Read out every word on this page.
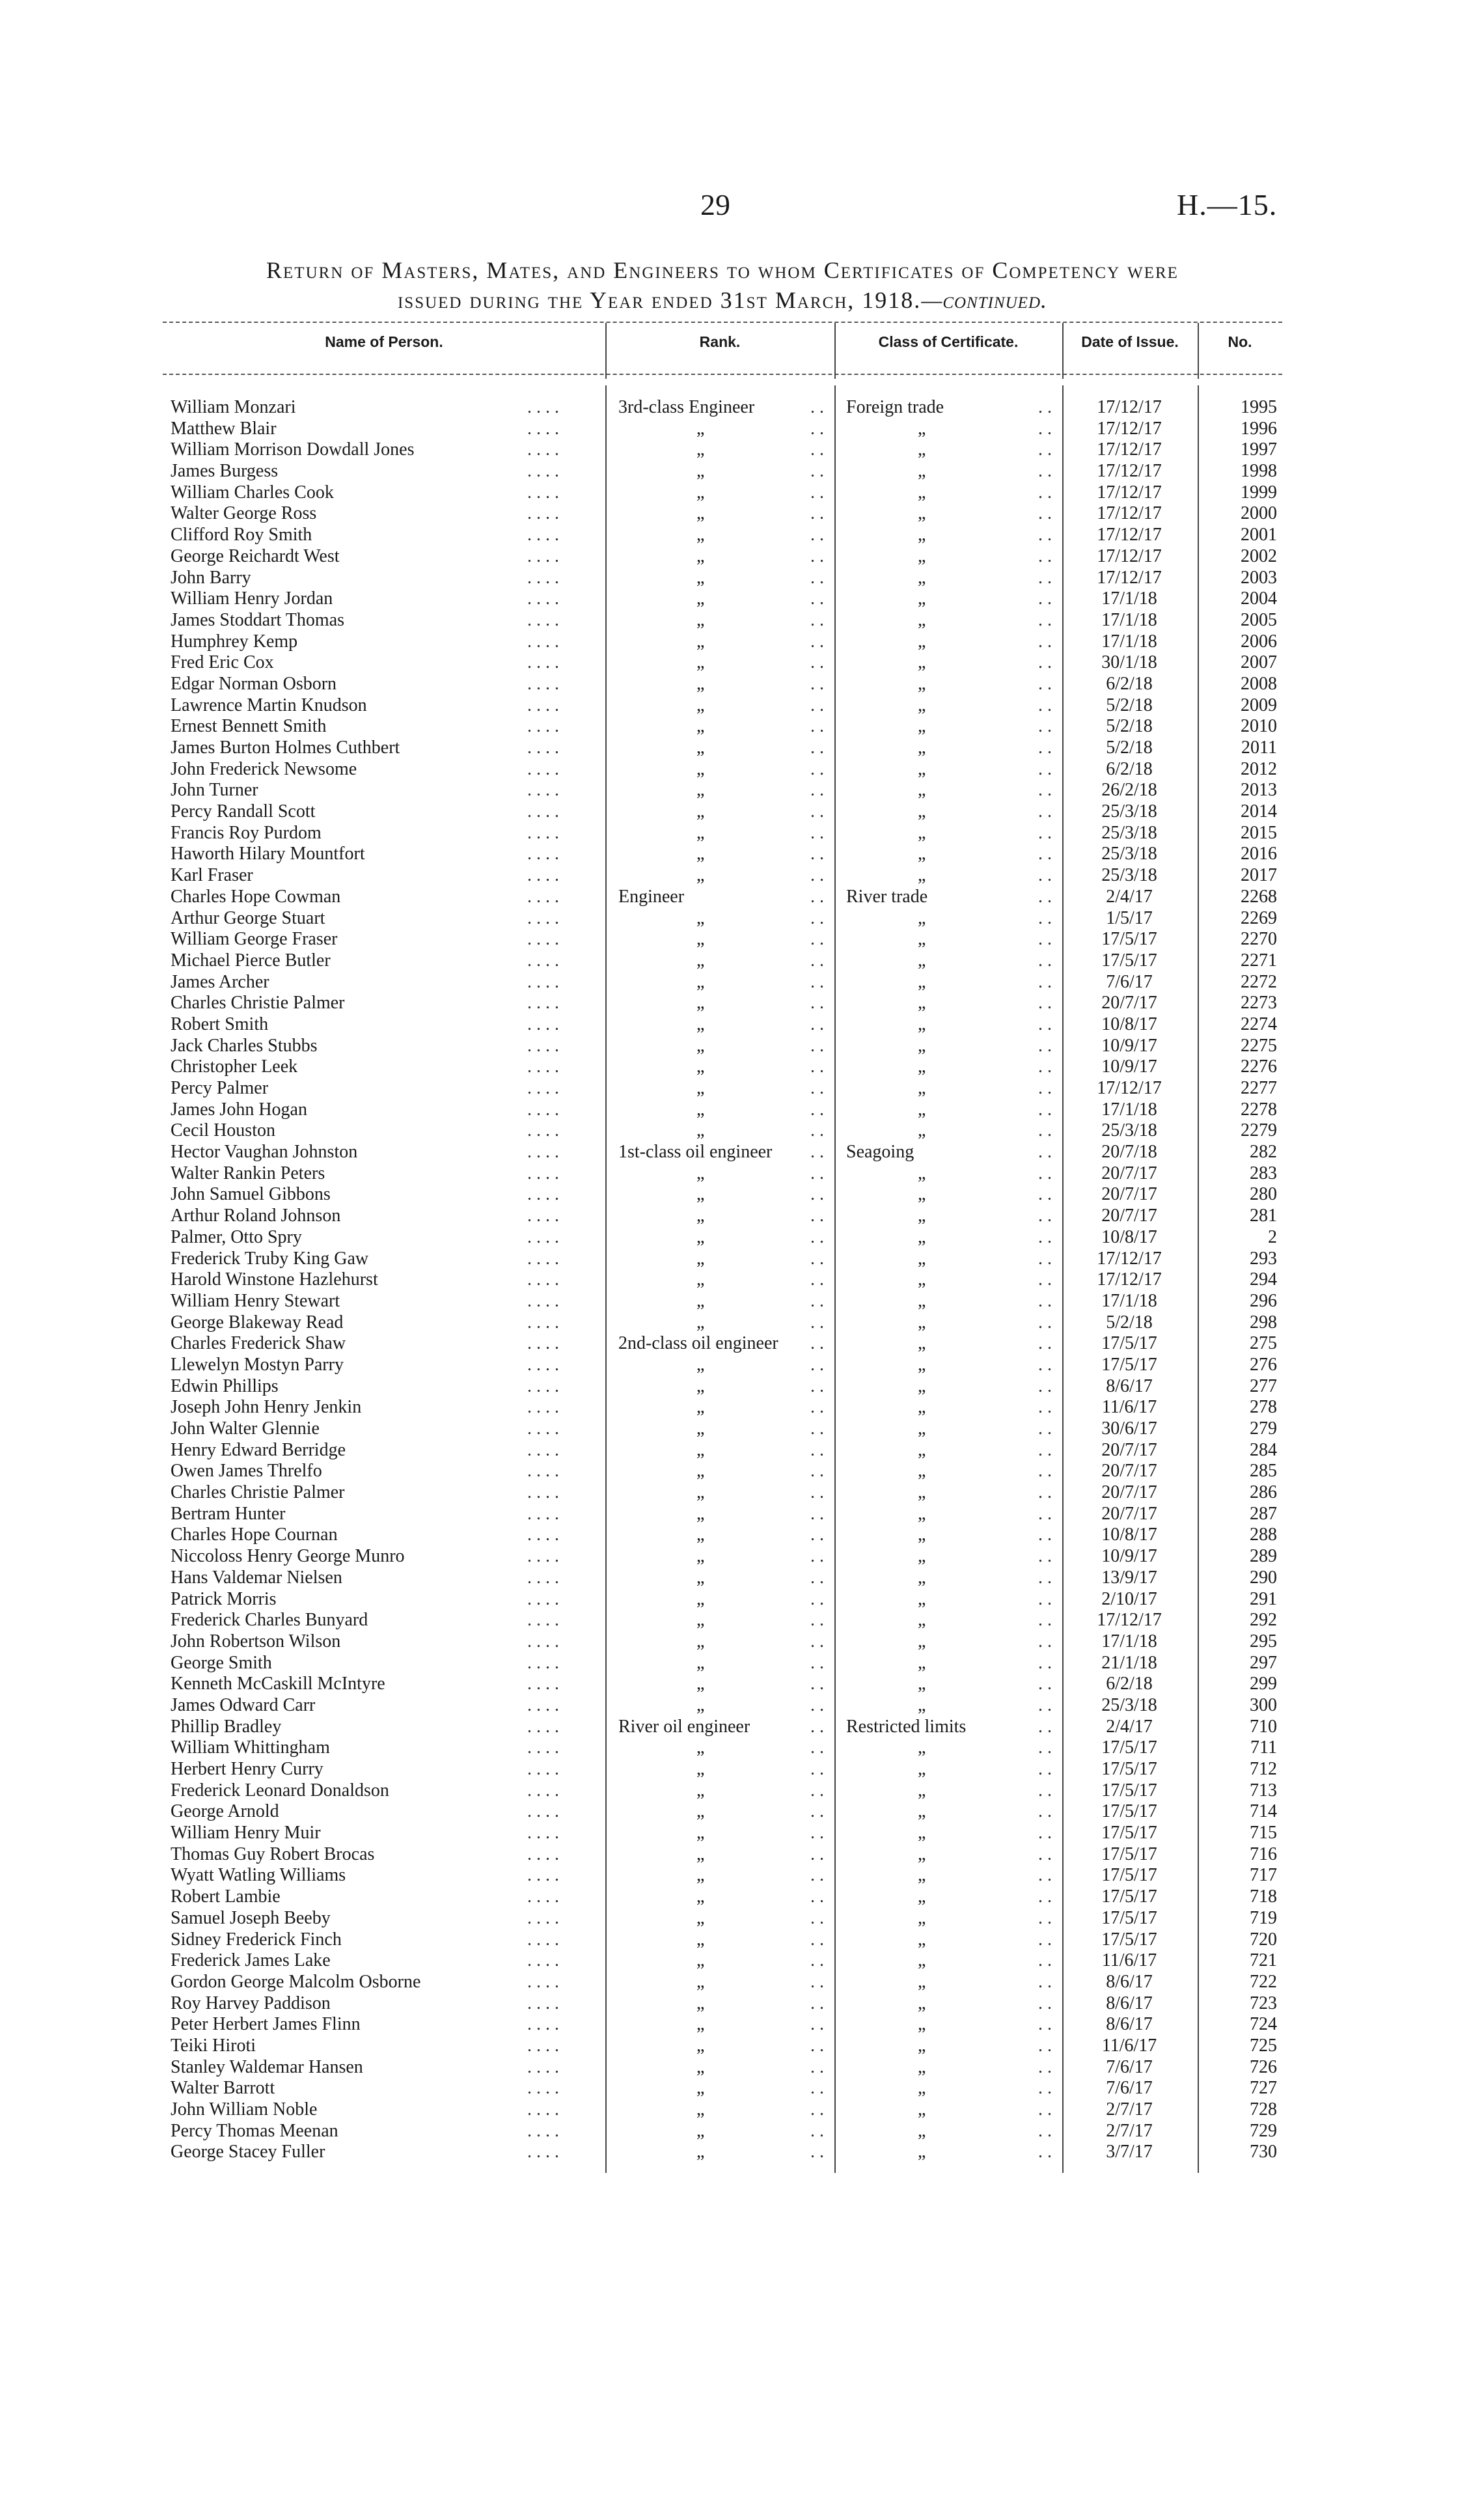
29	H.—15.
Return of Masters, Mates, and Engineers to whom Certificates of Competency were
issued during the Year ended 31st March, 1918.—continued.
Name of Person.	Rank.	Class of Certificate.	Date of Issue.	No.
William Monzari	3rd-class Engineer	Foreign trade	17/12/17	1995
. . . .	. .	. .
Matthew Blair	„	„	17/12/17	1996
. . . .	. .	. .
William Morrison Dowdall Jones	„	„	17/12/17	1997
. . . .	. .	. .
James Burgess	„	„	17/12/17	1998
. . . .	. .	. .
William Charles Cook	„	„	17/12/17	1999
. . . .	. .	. .
Walter George Ross	„	„	17/12/17	2000
. . . .	. .	. .
Clifford Roy Smith	„	„	17/12/17	2001
. . . .	. .	. .
George Reichardt West	„	„	17/12/17	2002
. . . .	. .	. .
John Barry	„	„	17/12/17	2003
. . . .	. .	. .
William Henry Jordan	„	„	17/1/18	2004
. . . .	. .	. .
James Stoddart Thomas	„	„	17/1/18	2005
. . . .	. .	. .
Humphrey Kemp	„	„	17/1/18	2006
. . . .	. .	. .
Fred Eric Cox	„	„	30/1/18	2007
. . . .	. .	. .
Edgar Norman Osborn	„	„	6/2/18	2008
. . . .	. .	. .
Lawrence Martin Knudson	„	„	5/2/18	2009
. . . .	. .	. .
Ernest Bennett Smith	„	„	5/2/18	2010
. . . .	. .	. .
James Burton Holmes Cuthbert	„	„	5/2/18	2011
. . . .	. .	. .
John Frederick Newsome	„	„	6/2/18	2012
. . . .	. .	. .
John Turner	„	„	26/2/18	2013
. . . .	. .	. .
Percy Randall Scott	„	„	25/3/18	2014
. . . .	. .	. .
Francis Roy Purdom	„	„	25/3/18	2015
. . . .	. .	. .
Haworth Hilary Mountfort	„	„	25/3/18	2016
. . . .	. .	. .
Karl Fraser	„	„	25/3/18	2017
. . . .	. .	. .
Charles Hope Cowman	Engineer	River trade	2/4/17	2268
. . . .	. .	. .
Arthur George Stuart	„	„	1/5/17	2269
. . . .	. .	. .
William George Fraser	„	„	17/5/17	2270
. . . .	. .	. .
Michael Pierce Butler	„	„	17/5/17	2271
. . . .	. .	. .
James Archer	„	„	7/6/17	2272
. . . .	. .	. .
Charles Christie Palmer	„	„	20/7/17	2273
. . . .	. .	. .
Robert Smith	„	„	10/8/17	2274
. . . .	. .	. .
Jack Charles Stubbs	„	„	10/9/17	2275
. . . .	. .	. .
Christopher Leek	„	„	10/9/17	2276
. . . .	. .	. .
Percy Palmer	„	„	17/12/17	2277
. . . .	. .	. .
James John Hogan	„	„	17/1/18	2278
. . . .	. .	. .
Cecil Houston	„	„	25/3/18	2279
. . . .	. .	. .
Hector Vaughan Johnston	1st-class oil engineer	Seagoing	20/7/18	282
. . . .	. .	. .
Walter Rankin Peters	„	„	20/7/17	283
. . . .	. .	. .
John Samuel Gibbons	„	„	20/7/17	280
. . . .	. .	. .
Arthur Roland Johnson	„	„	20/7/17	281
. . . .	. .	. .
Palmer, Otto Spry	„	„	10/8/17	2
. . . .	. .	. .
Frederick Truby King Gaw	„	„	17/12/17	293
. . . .	. .	. .
Harold Winstone Hazlehurst	„	„	17/12/17	294
. . . .	. .	. .
William Henry Stewart	„	„	17/1/18	296
. . . .	. .	. .
George Blakeway Read	„	„	5/2/18	298
. . . .	. .	. .
Charles Frederick Shaw	2nd-class oil engineer	„	17/5/17	275
. . . .	. .	. .
Llewelyn Mostyn Parry	„	„	17/5/17	276
. . . .	. .	. .
Edwin Phillips	„	„	8/6/17	277
. . . .	. .	. .
Joseph John Henry Jenkin	„	„	11/6/17	278
. . . .	. .	. .
John Walter Glennie	„	„	30/6/17	279
. . . .	. .	. .
Henry Edward Berridge	„	„	20/7/17	284
. . . .	. .	. .
Owen James Threlfo	„	„	20/7/17	285
. . . .	. .	. .
Charles Christie Palmer	„	„	20/7/17	286
. . . .	. .	. .
Bertram Hunter	„	„	20/7/17	287
. . . .	. .	. .
Charles Hope Cournan	„	„	10/8/17	288
. . . .	. .	. .
Niccoloss Henry George Munro	„	„	10/9/17	289
. . . .	. .	. .
Hans Valdemar Nielsen	„	„	13/9/17	290
. . . .	. .	. .
Patrick Morris	„	„	2/10/17	291
. . . .	. .	. .
Frederick Charles Bunyard	„	„	17/12/17	292
. . . .	. .	. .
John Robertson Wilson	„	„	17/1/18	295
. . . .	. .	. .
George Smith	„	„	21/1/18	297
. . . .	. .	. .
Kenneth McCaskill McIntyre	„	„	6/2/18	299
. . . .	. .	. .
James Odward Carr	„	„	25/3/18	300
. . . .	. .	. .
Phillip Bradley	River oil engineer	Restricted limits	2/4/17	710
. . . .	. .	. .
William Whittingham	„	„	17/5/17	711
. . . .	. .	. .
Herbert Henry Curry	„	„	17/5/17	712
. . . .	. .	. .
Frederick Leonard Donaldson	„	„	17/5/17	713
. . . .	. .	. .
George Arnold	„	„	17/5/17	714
. . . .	. .	. .
William Henry Muir	„	„	17/5/17	715
. . . .	. .	. .
Thomas Guy Robert Brocas	„	„	17/5/17	716
. . . .	. .	. .
Wyatt Watling Williams	„	„	17/5/17	717
. . . .	. .	. .
Robert Lambie	„	„	17/5/17	718
. . . .	. .	. .
Samuel Joseph Beeby	„	„	17/5/17	719
. . . .	. .	. .
Sidney Frederick Finch	„	„	17/5/17	720
. . . .	. .	. .
Frederick James Lake	„	„	11/6/17	721
. . . .	. .	. .
Gordon George Malcolm Osborne	„	„	8/6/17	722
. . . .	. .	. .
Roy Harvey Paddison	„	„	8/6/17	723
. . . .	. .	. .
Peter Herbert James Flinn	„	„	8/6/17	724
. . . .	. .	. .
Teiki Hiroti	„	„	11/6/17	725
. . . .	. .	. .
Stanley Waldemar Hansen	„	„	7/6/17	726
. . . .	. .	. .
Walter Barrott	„	„	7/6/17	727
. . . .	. .	. .
John William Noble	„	„	2/7/17	728
. . . .	. .	. .
Percy Thomas Meenan	„	„	2/7/17	729
. . . .	. .	. .
George Stacey Fuller	„	„	3/7/17	730
. . . .	. .	. .
